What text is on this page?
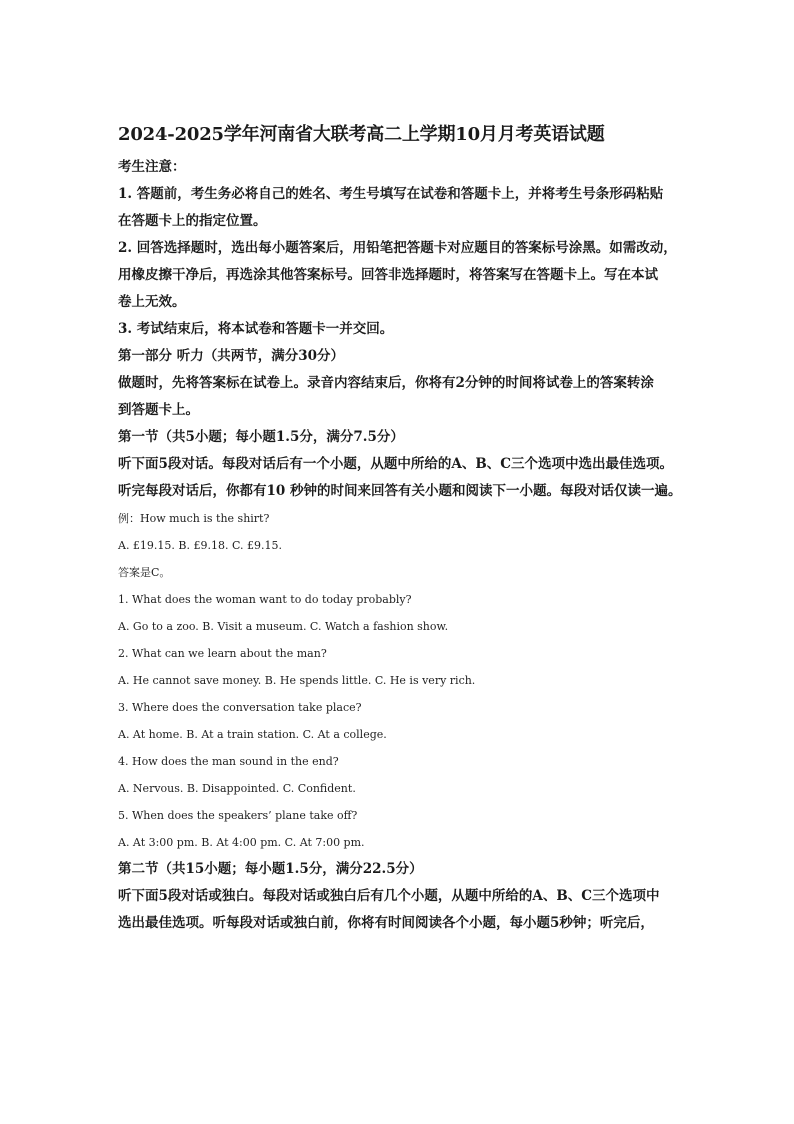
2024-2025学年河南省大联考高二上学期10月月考英语试题

考生注意：

1. 答题前，考生务必将自己的姓名、考生号填写在试卷和答题卡上，并将考生号条形码粘贴

在答题卡上的指定位置。

2. 回答选择题时，选出每小题答案后，用铅笔把答题卡对应题目的答案标号涂黑。如需改动，

用橡皮擦干净后，再选涂其他答案标号。回答非选择题时，将答案写在答题卡上。写在本试

卷上无效。

3. 考试结束后，将本试卷和答题卡一并交回。

第一部分 听力（共两节，满分30分）

做题时，先将答案标在试卷上。录音内容结束后，你将有2分钟的时间将试卷上的答案转涂

到答题卡上。

第一节（共5小题；每小题1.5分，满分7.5分）

听下面5段对话。每段对话后有一个小题，从题中所给的A、B、C三个选项中选出最佳选项。

听完每段对话后，你都有10 秒钟的时间来回答有关小题和阅读下一小题。每段对话仅读一遍。

例：How much is the shirt?

A. £19.15. B. £9.18. C. £9.15.

答案是C。

1. What does the woman want to do today probably?

A. Go to a zoo. B. Visit a museum. C. Watch a fashion show.

2. What can we learn about the man?

A. He cannot save money. B. He spends little. C. He is very rich.

3. Where does the conversation take place?

A. At home. B. At a train station. C. At a college.

4. How does the man sound in the end?

A. Nervous. B. Disappointed. C. Confident.

5. When does the speakers’ plane take off?

A. At 3:00 pm. B. At 4:00 pm. C. At 7:00 pm.

第二节（共15小题；每小题1.5分，满分22.5分）

听下面5段对话或独白。每段对话或独白后有几个小题，从题中所给的A、B、C三个选项中

选出最佳选项。听每段对话或独白前，你将有时间阅读各个小题，每小题5秒钟；听完后，
